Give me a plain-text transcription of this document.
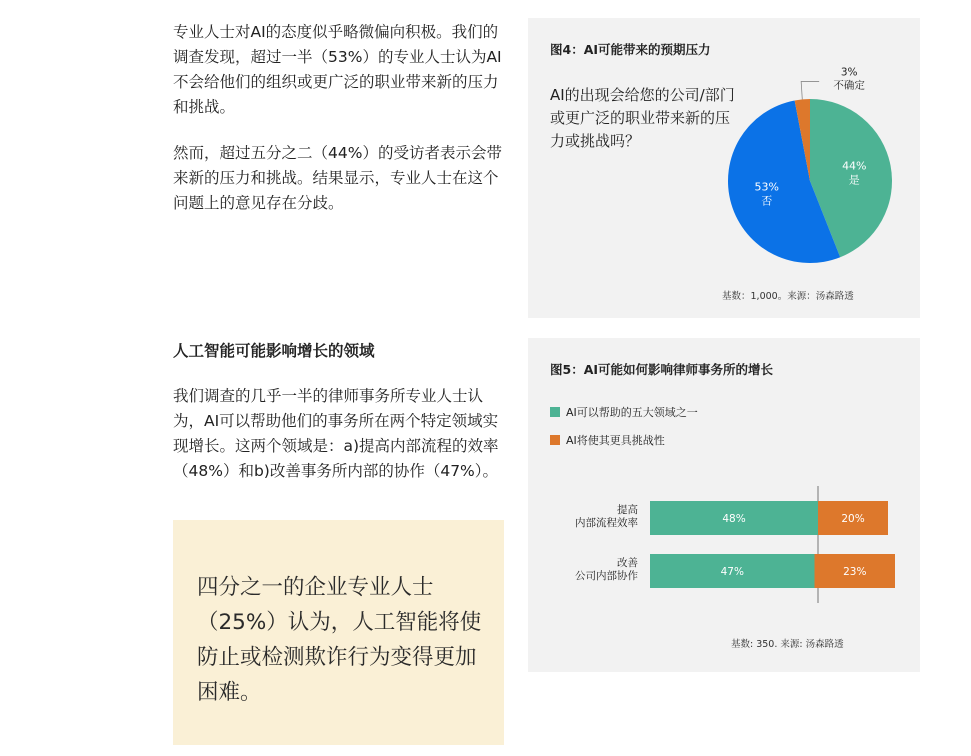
专业人士对AI的态度似乎略微偏向积极。我们的调查发现，超过一半（53%）的专业人士认为AI不会给他们的组织或更广泛的职业带来新的压力和挑战。

然而，超过五分之二（44%）的受访者表示会带来新的压力和挑战。结果显示，专业人士在这个问题上的意见存在分歧。

人工智能可能影响增长的领域

我们调查的几乎一半的律师事务所专业人士认为，AI可以帮助他们的事务所在两个特定领域实现增长。这两个领域是：a)提高内部流程的效率（48%）和b)改善事务所内部的协作（47%）。

四分之一的企业专业人士（25%）认为，人工智能将使防止或检测欺诈行为变得更加困难。

图4：AI可能带来的预期压力

AI的出现会给您的公司/部门或更广泛的职业带来新的压力或挑战吗？

44%
是
53%
否
3%
不确定
基数：1,000。来源：汤森路透
图5：AI可能如何影响律师事务所的增长
AI可以帮助的五大领域之一
AI将使其更具挑战性
48%	20%
提高
内部流程效率
47%	23%
改善
公司内部协作
基数: 350. 来源: 汤森路透
